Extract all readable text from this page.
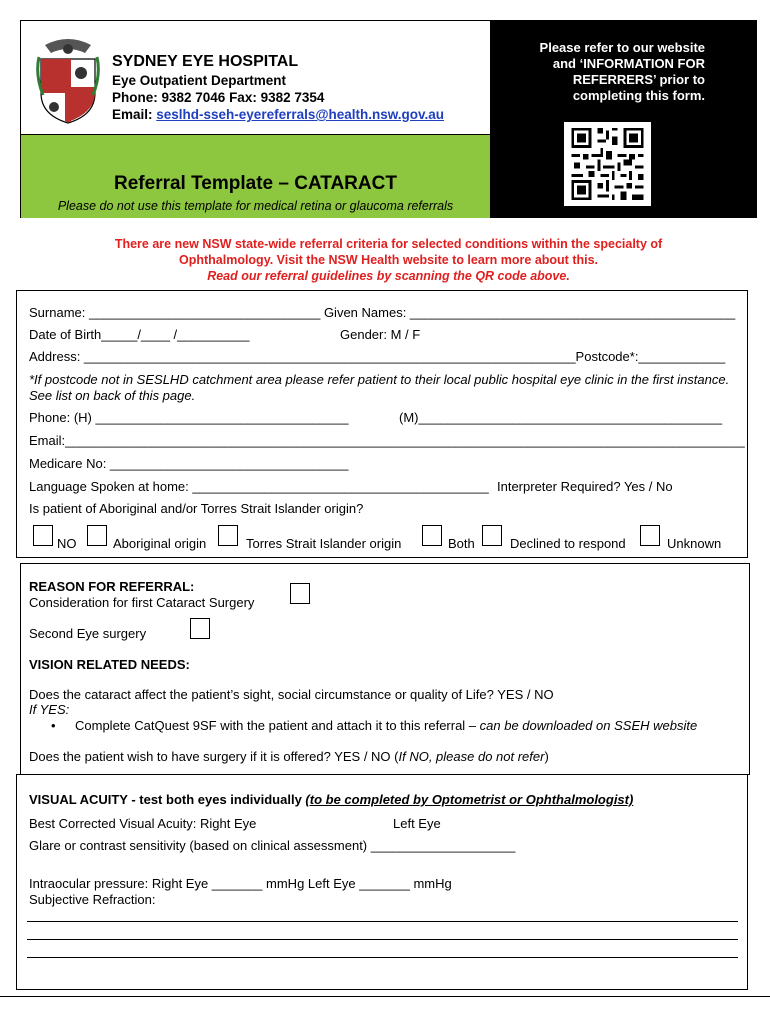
SYDNEY EYE HOSPITAL
Eye Outpatient Department
Phone: 9382 7046 Fax: 9382 7354
Email: seslhd-sseh-eyereferrals@health.nsw.gov.au
Referral Template – CATARACT
Please do not use this template for medical retina or glaucoma referrals
Please refer to our website
and ‘INFORMATION FOR
REFERRERS’ prior to
completing this form.
There are new NSW state-wide referral criteria for selected conditions within the specialty of
Ophthalmology. Visit the NSW Health website to learn more about this.
Read our referral guidelines by scanning the QR code above.
Surname: ________________________________ Given Names: _____________________________________________
Date of Birth_____/____ /__________	Gender: M / F
Address: ____________________________________________________________________Postcode*:____________
*If postcode not in SESLHD catchment area please refer patient to their local public hospital eye clinic in the first instance. See list on back of this page.
Phone: (H) ___________________________________	(M)__________________________________________
Email:______________________________________________________________________________________________
Medicare No: _________________________________
Language Spoken at home: _________________________________________ Interpreter Required? Yes / No
Is patient of Aboriginal and/or Torres Strait Islander origin?
NO	Aboriginal origin	Torres Strait Islander origin	Both	Declined to respond	Unknown
REASON FOR REFERRAL:
Consideration for first Cataract Surgery
Second Eye surgery
VISION RELATED NEEDS:
Does the cataract affect the patient’s sight, social circumstance or quality of Life? YES / NO
If YES:
• Complete CatQuest 9SF with the patient and attach it to this referral – can be downloaded on SSEH website
Does the patient wish to have surgery if it is offered? YES / NO (If NO, please do not refer)
VISUAL ACUITY - test both eyes individually (to be completed by Optometrist or Ophthalmologist)
Best Corrected Visual Acuity: Right Eye	Left Eye
Glare or contrast sensitivity (based on clinical assessment) ____________________
Intraocular pressure: Right Eye _______ mmHg Left Eye _______ mmHg
Subjective Refraction:
